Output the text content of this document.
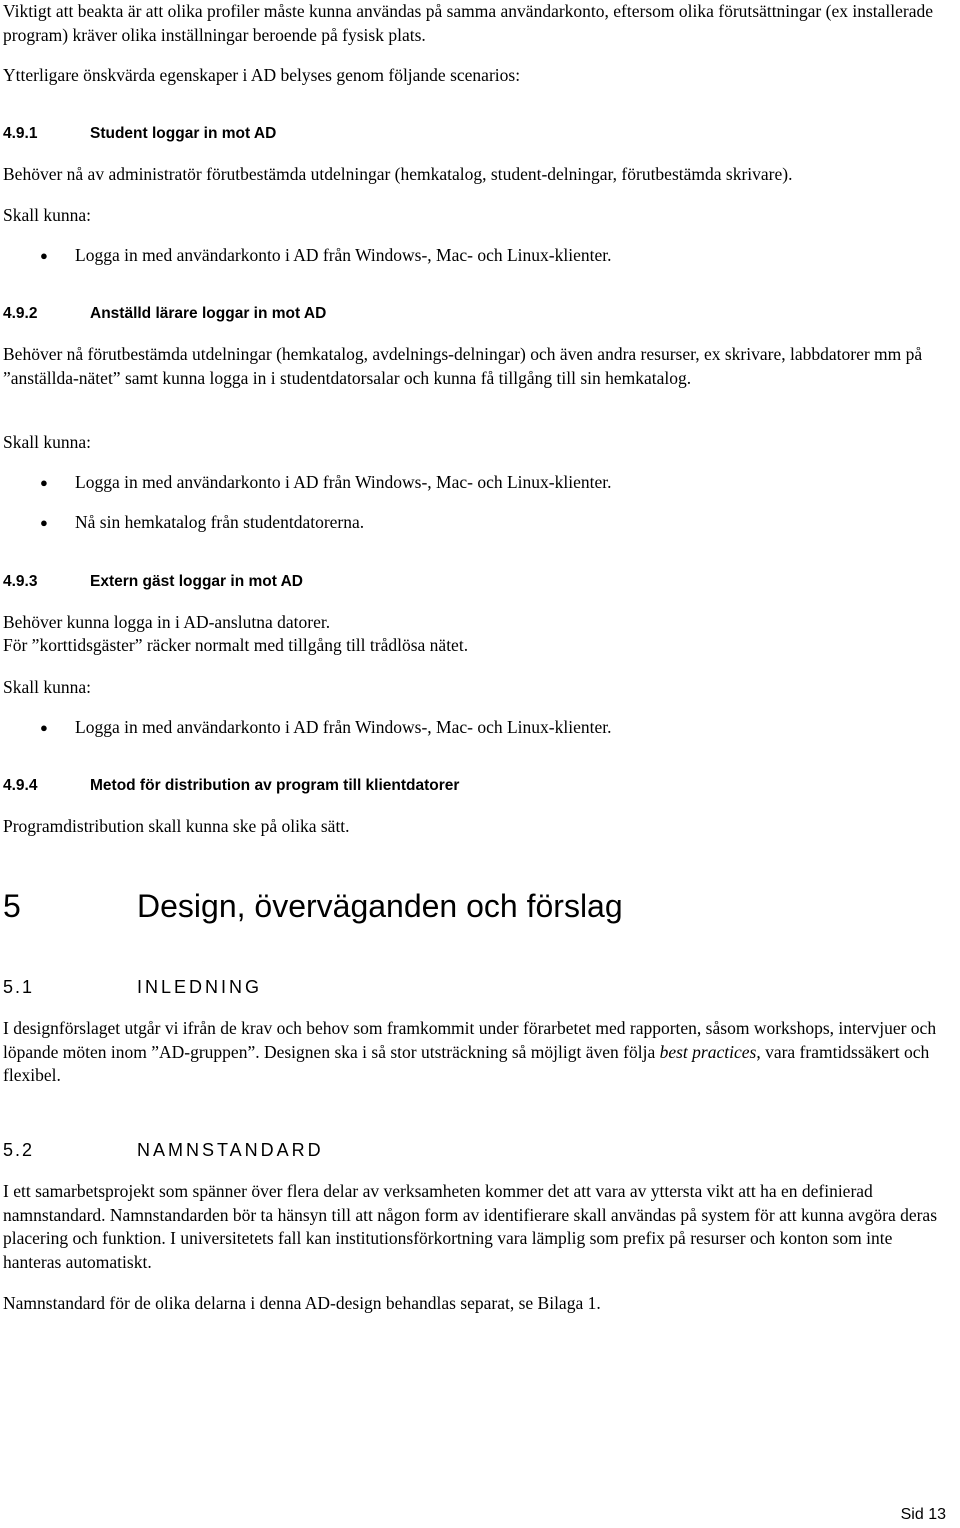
Viktigt att beakta är att olika profiler måste kunna användas på samma användarkonto, eftersom olika förutsättningar (ex installerade program) kräver olika inställningar beroende på fysisk plats.

Ytterligare önskvärda egenskaper i AD belyses genom följande scenarios:

4.9.1	Student loggar in mot AD

Behöver nå av administratör förutbestämda utdelningar (hemkatalog, student-delningar, förutbestämda skrivare).

Skall kunna:

●	Logga in med användarkonto i AD från Windows-, Mac- och Linux-klienter.
4.9.2	Anställd lärare loggar in mot AD

Behöver nå förutbestämda utdelningar (hemkatalog, avdelnings-delningar) och även andra resurser, ex skrivare, labbdatorer mm på ”anställda-nätet” samt kunna logga in i studentdatorsalar och kunna få tillgång till sin hemkatalog.

Skall kunna:

●	Logga in med användarkonto i AD från Windows-, Mac- och Linux-klienter.
●	Nå sin hemkatalog från studentdatorerna.
4.9.3	Extern gäst loggar in mot AD

Behöver kunna logga in i AD-anslutna datorer.

För ”korttidsgäster” räcker normalt med tillgång till trådlösa nätet.

Skall kunna:

●	Logga in med användarkonto i AD från Windows-, Mac- och Linux-klienter.
4.9.4	Metod för distribution av program till klientdatorer

Programdistribution skall kunna ske på olika sätt.

5	Design, överväganden och förslag
5.1	INLEDNING

I designförslaget utgår vi ifrån de krav och behov som framkommit under förarbetet med rapporten, såsom workshops, intervjuer och löpande möten inom ”AD-gruppen”. Designen ska i så stor utsträckning så möjligt även följa best practices, vara framtidssäkert och flexibel.

5.2	NAMNSTANDARD

I ett samarbetsprojekt som spänner över flera delar av verksamheten kommer det att vara av yttersta vikt att ha en definierad namnstandard. Namnstandarden bör ta hänsyn till att någon form av identifierare skall användas på system för att kunna avgöra deras placering och funktion. I universitetets fall kan institutionsförkortning vara lämplig som prefix på resurser och konton som inte hanteras automatiskt.

Namnstandard för de olika delarna i denna AD-design behandlas separat, se Bilaga 1.

Sid 13
